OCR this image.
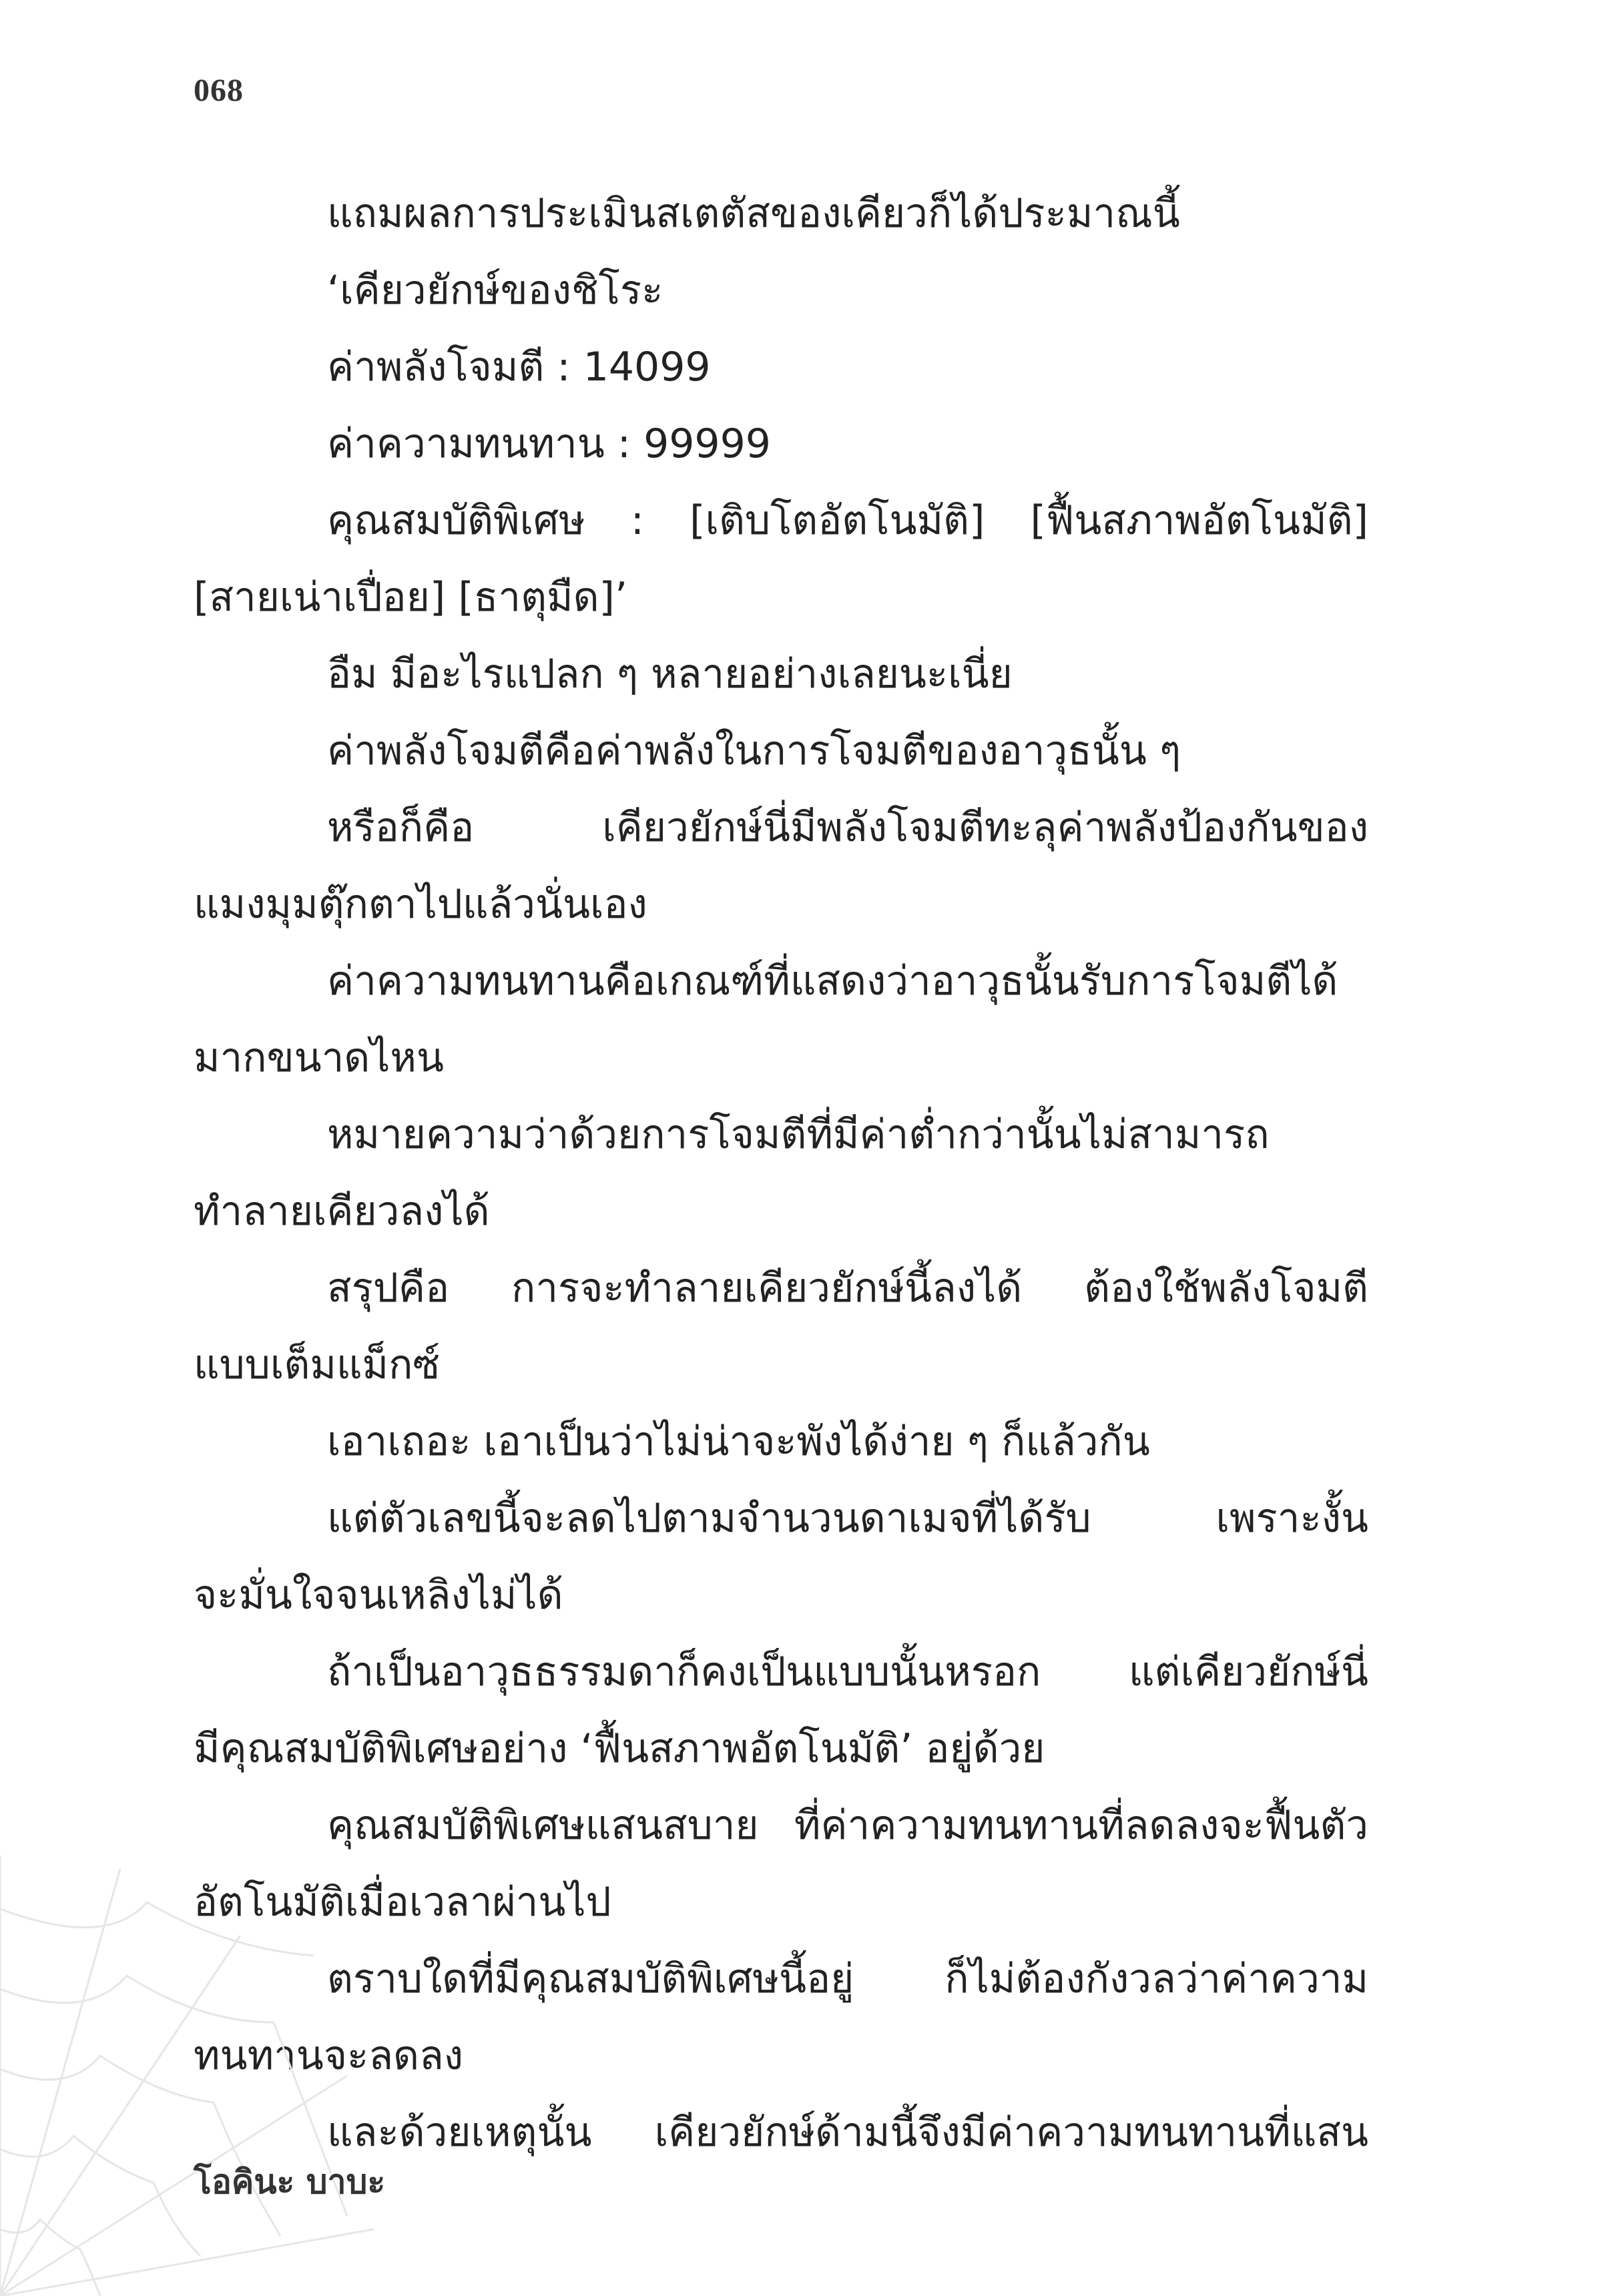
068
แถมผลการประเมินสเตตัสของเคียวก็ได้ประมาณนี้
‘เคียวยักษ์ของชิโระ
ค่าพลังโจมตี : 14099
ค่าความทนทาน : 99999
คุณสมบัติพิเศษ : [เติบโตอัตโนมัติ] [ฟื้นสภาพอัตโนมัติ]
[สายเน่าเปื่อย] [ธาตุมืด]’
อืม มีอะไรแปลก ๆ หลายอย่างเลยนะเนี่ย
ค่าพลังโจมตีคือค่าพลังในการโจมตีของอาวุธนั้น ๆ
หรือก็คือ เคียวยักษ์นี่มีพลังโจมตีทะลุค่าพลังป้องกันของ
แมงมุมตุ๊กตาไปแล้วนั่นเอง
ค่าความทนทานคือเกณฑ์ที่แสดงว่าอาวุธนั้นรับการโจมตีได้
มากขนาดไหน
หมายความว่าด้วยการโจมตีที่มีค่าต่ำกว่านั้นไม่สามารถ
ทำลายเคียวลงได้
สรุปคือ การจะทำลายเคียวยักษ์นี้ลงได้ ต้องใช้พลังโจมตี
แบบเต็มแม็กซ์
เอาเถอะ เอาเป็นว่าไม่น่าจะพังได้ง่าย ๆ ก็แล้วกัน
แต่ตัวเลขนี้จะลดไปตามจำนวนดาเมจที่ได้รับ เพราะงั้น
จะมั่นใจจนเหลิงไม่ได้
ถ้าเป็นอาวุธธรรมดาก็คงเป็นแบบนั้นหรอก แต่เคียวยักษ์นี่
มีคุณสมบัติพิเศษอย่าง ‘ฟื้นสภาพอัตโนมัติ’ อยู่ด้วย
คุณสมบัติพิเศษแสนสบาย ที่ค่าความทนทานที่ลดลงจะฟื้นตัว
อัตโนมัติเมื่อเวลาผ่านไป
ตราบใดที่มีคุณสมบัติพิเศษนี้อยู่ ก็ไม่ต้องกังวลว่าค่าความ
ทนทานจะลดลง
และด้วยเหตุนั้น เคียวยักษ์ด้ามนี้จึงมีค่าความทนทานที่แสน
โอคินะ บาบะ
